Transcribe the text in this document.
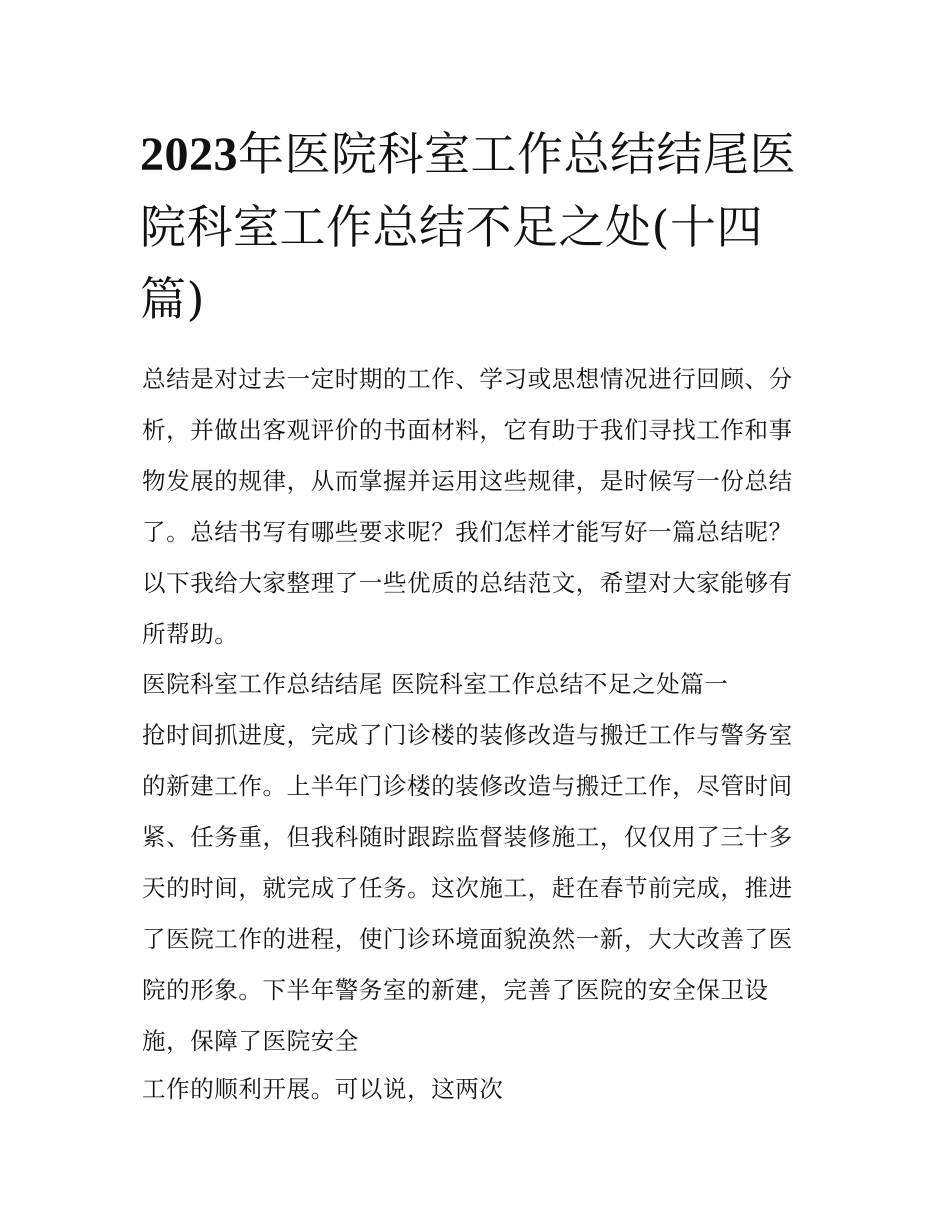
2023年医院科室工作总结结尾医院科室工作总结不足之处(十四篇)

总结是对过去一定时期的工作、学习或思想情况进行回顾、分析，并做出客观评价的书面材料，它有助于我们寻找工作和事物发展的规律，从而掌握并运用这些规律，是时候写一份总结了。总结书写有哪些要求呢？我们怎样才能写好一篇总结呢？以下我给大家整理了一些优质的总结范文，希望对大家能够有所帮助。

医院科室工作总结结尾 医院科室工作总结不足之处篇一

抢时间抓进度，完成了门诊楼的装修改造与搬迁工作与警务室的新建工作。上半年门诊楼的装修改造与搬迁工作，尽管时间紧、任务重，但我科随时跟踪监督装修施工，仅仅用了三十多天的时间，就完成了任务。这次施工，赶在春节前完成，推进了医院工作的进程，使门诊环境面貌涣然一新，大大改善了医院的形象。下半年警务室的新建，完善了医院的安全保卫设施，保障了医院安全

工作的顺利开展。可以说，这两次
